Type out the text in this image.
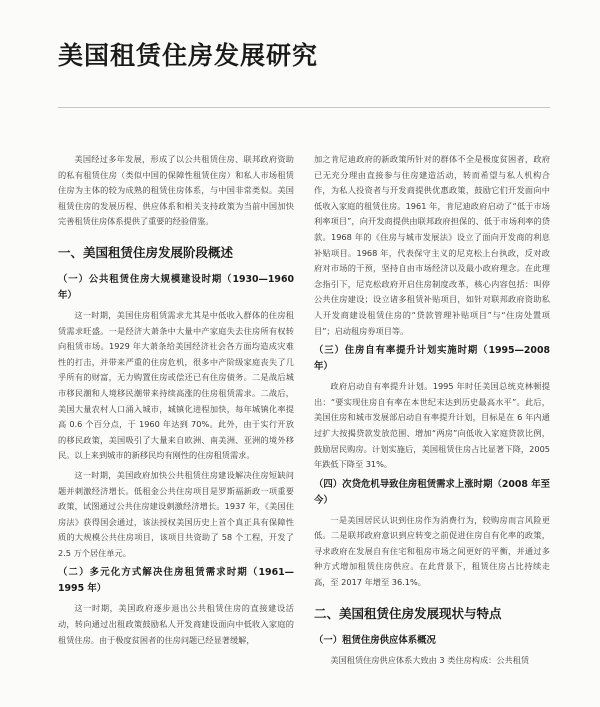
美国租赁住房发展研究

美国经过多年发展，形成了以公共租赁住房、联邦政府资助的私有租赁住房（类似中国的保障性租赁住房）和私人市场租赁住房为主体的较为成熟的租赁住房体系，与中国非常类似。美国租赁住房的发展历程、供应体系和相关支持政策为当前中国加快完善租赁住房体系提供了重要的经验借鉴。

一、美国租赁住房发展阶段概述
（一）公共租赁住房大规模建设时期（1930—1960 年）

这一时期，美国住房租赁需求尤其是中低收入群体的住房租赁需求旺盛。一是经济大萧条中大量中产家庭失去住房所有权转向租赁市场。1929 年大萧条给美国经济社会各方面均造成灾难性的打击，并带来严重的住房危机，很多中产阶级家庭丧失了几乎所有的财富，无力购置住房或偿还已有住房债务。二是战后城市移民潮和人境移民潮带来持续高涨的住房租赁需求。二战后，美国大量农村人口涌入城市，城镇化进程加快，每年城镇化率提高 0.6 个百分点，于 1960 年达到 70%。此外，由于实行开放的移民政策，美国吸引了大量来自欧洲、南美洲、亚洲的境外移民。以上来到城市的新移民均有刚性的住房租赁需求。

这一时期，美国政府加快公共租赁住房建设解决住房短缺问题并刺激经济增长。低租金公共住房项目是罗斯福新政一项重要政策，试图通过公共住房建设刺激经济增长。1937 年，《美国住房法》获得国会通过，该法授权美国历史上首个真正具有保障性质的大规模公共住房项目，该项目共资助了 58 个工程，开发了 2.5 万个居住单元。

（二）多元化方式解决住房租赁需求时期（1961—1995 年）

这一时期，美国政府逐步退出公共租赁住房的直接建设活动，转向通过出租政策鼓励私人开发商建设面向中低收入家庭的租赁住房。由于极度贫困者的住房问题已经显著缓解，

加之肯尼迪政府的新政策所针对的群体不全是极度贫困者，政府已无充分理由直接参与住房建造活动，转而希望与私人机构合作，为私人投资者与开发商提供优惠政策，鼓励它们开发面向中低收入家庭的租赁住房。1961 年，肯尼迪政府启动了“低于市场利率项目”，向开发商提供由联邦政府担保的、低于市场利率的贷款。1968 年的《住房与城市发展法》设立了面向开发商的利息补贴项目。1968 年，代表保守主义的尼克松上台执政，反对政府对市场的干预，坚持自由市场经济以及最小政府理念。在此理念指引下，尼克松政府开启住房制度改革，核心内容包括：叫停公共住房建设；设立诸多租赁补贴项目，如针对联邦政府资助私人开发商建设租赁住房的“贷款管理补贴项目”与“住房处置项目”；启动租房券项目等。

（三）住房自有率提升计划实施时期（1995—2008 年）

政府启动自有率提升计划。1995 年时任美国总统克林顿提出：“要实现住房自有率在本世纪末达到历史最高水平”。此后，美国住房和城市发展部启动自有率提升计划，目标是在 6 年内通过扩大按揭贷款发放范围、增加“两房”向低收入家庭贷款比例，鼓励居民购房。计划实施后，美国租赁住房占比显著下降，2005 年跌低下降至 31%。

（四）次贷危机导致住房租赁需求上涨时期（2008 年至今）

一是美国居民认识到住房作为消费行为，较购房而言风险更低。二是联邦政府意识到应转变之前促进住房自有化率的政策，寻求政府在发展自有住宅和租房市场之间更好的平衡，并通过多种方式增加租赁住房供应。在此背景下，租赁住房占比持续走高，至 2017 年增至 36.1%。

二、美国租赁住房发展现状与特点
（一）租赁住房供应体系概况

美国租赁住房供应体系大致由 3 类住房构成：公共租赁
